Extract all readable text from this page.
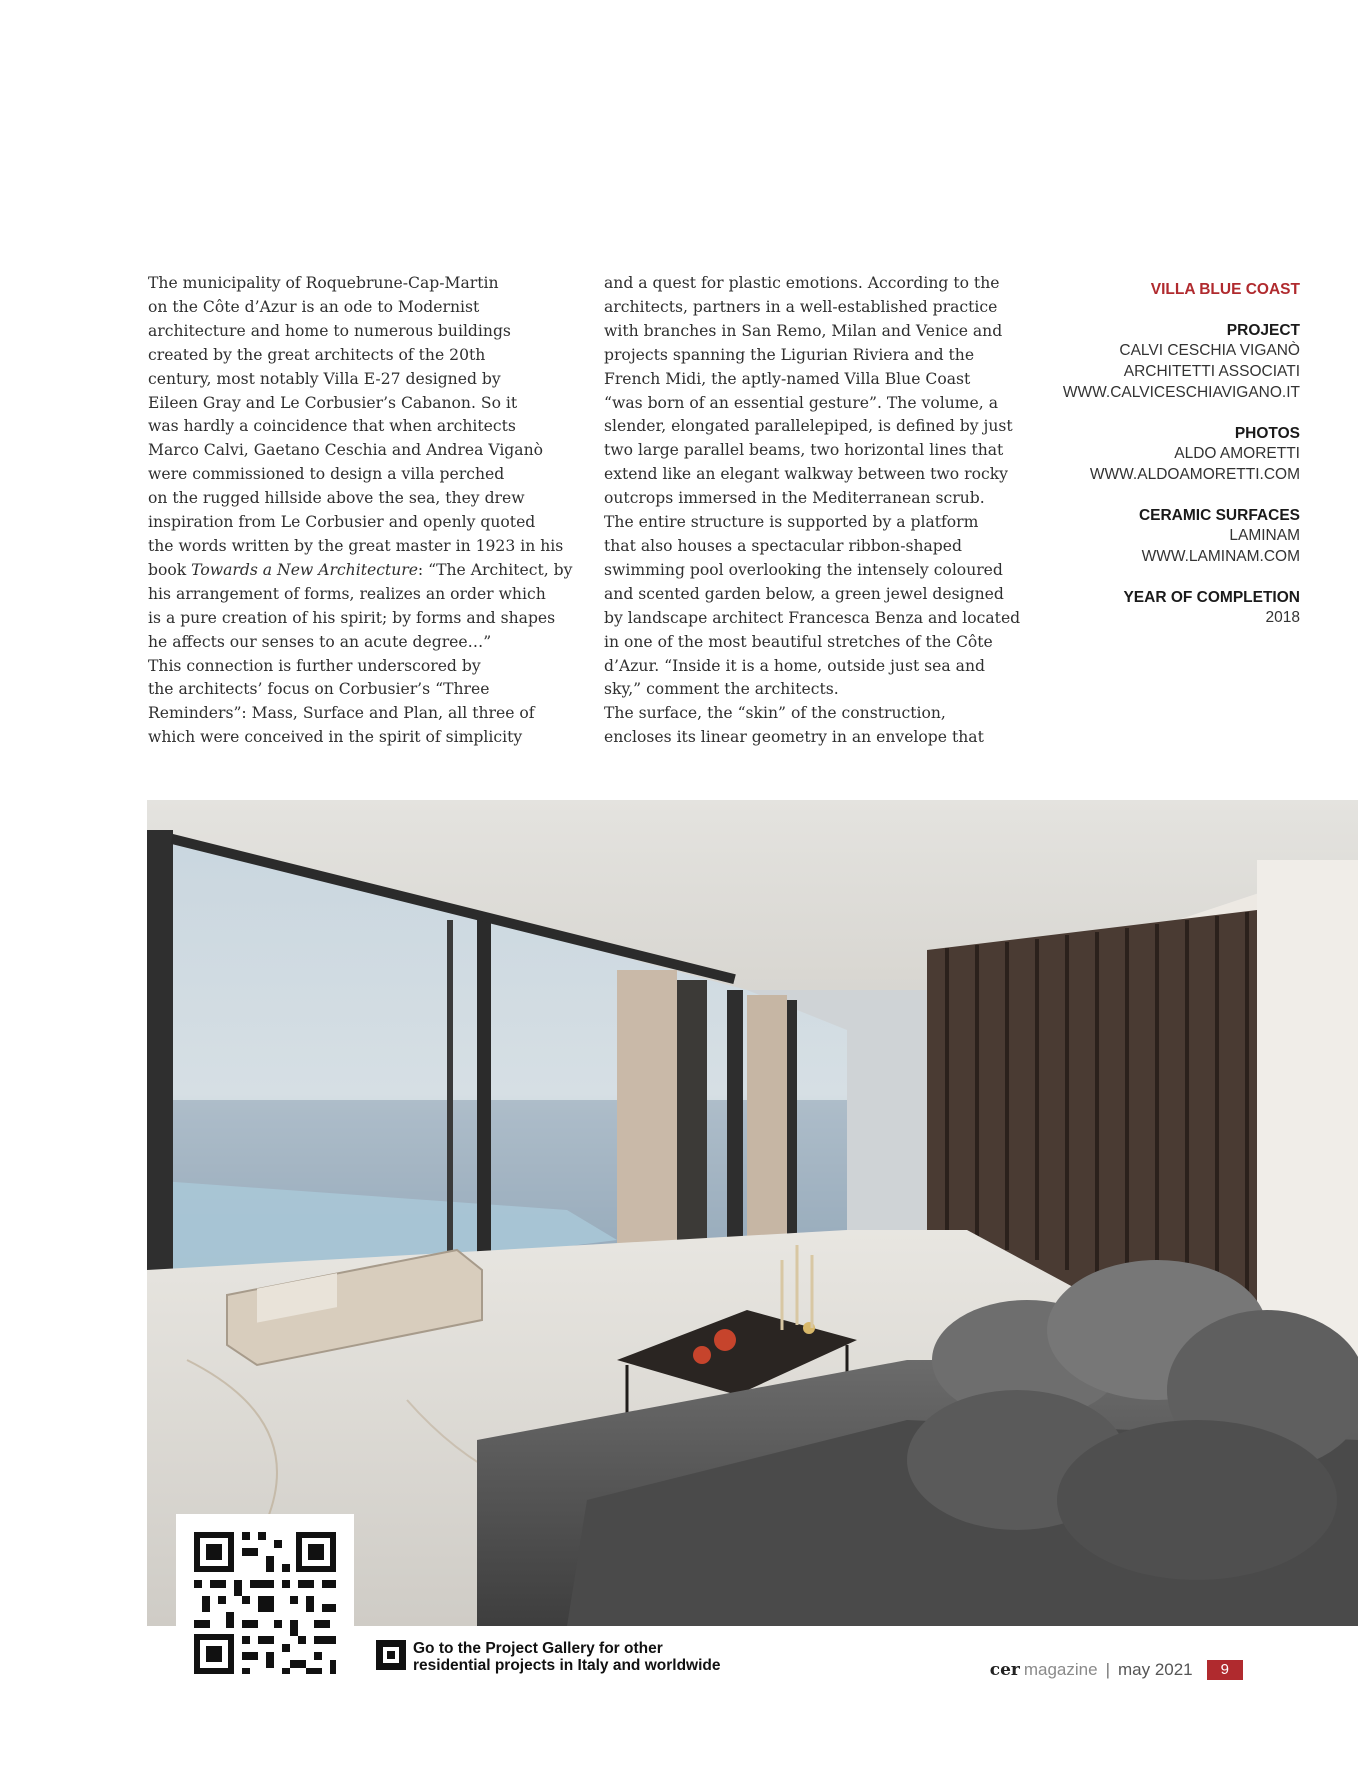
The municipality of Roquebrune-Cap-Martin

on the Côte d’Azur is an ode to Modernist

architecture and home to numerous buildings

created by the great architects of the 20th

century, most notably Villa E-27 designed by

Eileen Gray and Le Corbusier’s Cabanon. So it

was hardly a coincidence that when architects

Marco Calvi, Gaetano Ceschia and Andrea Viganò

were commissioned to design a villa perched

on the rugged hillside above the sea, they drew

inspiration from Le Corbusier and openly quoted

the words written by the great master in 1923 in his

book Towards a New Architecture: “The Architect, by

his arrangement of forms, realizes an order which

is a pure creation of his spirit; by forms and shapes

he affects our senses to an acute degree…”

This connection is further underscored by

the architects’ focus on Corbusier’s “Three

Reminders”: Mass, Surface and Plan, all three of

which were conceived in the spirit of simplicity

and a quest for plastic emotions. According to the

architects, partners in a well-established practice

with branches in San Remo, Milan and Venice and

projects spanning the Ligurian Riviera and the

French Midi, the aptly-named Villa Blue Coast

“was born of an essential gesture”. The volume, a

slender, elongated parallelepiped, is defined by just

two large parallel beams, two horizontal lines that

extend like an elegant walkway between two rocky

outcrops immersed in the Mediterranean scrub.

The entire structure is supported by a platform

that also houses a spectacular ribbon-shaped

swimming pool overlooking the intensely coloured

and scented garden below, a green jewel designed

by landscape architect Francesca Benza and located

in one of the most beautiful stretches of the Côte

d’Azur. “Inside it is a home, outside just sea and

sky,” comment the architects.

The surface, the “skin” of the construction,

encloses its linear geometry in an envelope that

VILLA BLUE COAST
PROJECT
CALVI CESCHIA VIGANÒ
ARCHITETTI ASSOCIATI
WWW.CALVICESCHIAVIGANO.IT
PHOTOS
ALDO AMORETTI
WWW.ALDOAMORETTI.COM
CERAMIC SURFACES
LAMINAM
WWW.LAMINAM.COM
YEAR OF COMPLETION
2018
Go to the Project Gallery for other
residential projects in Italy and worldwide	cer magazine | may 2021	9
